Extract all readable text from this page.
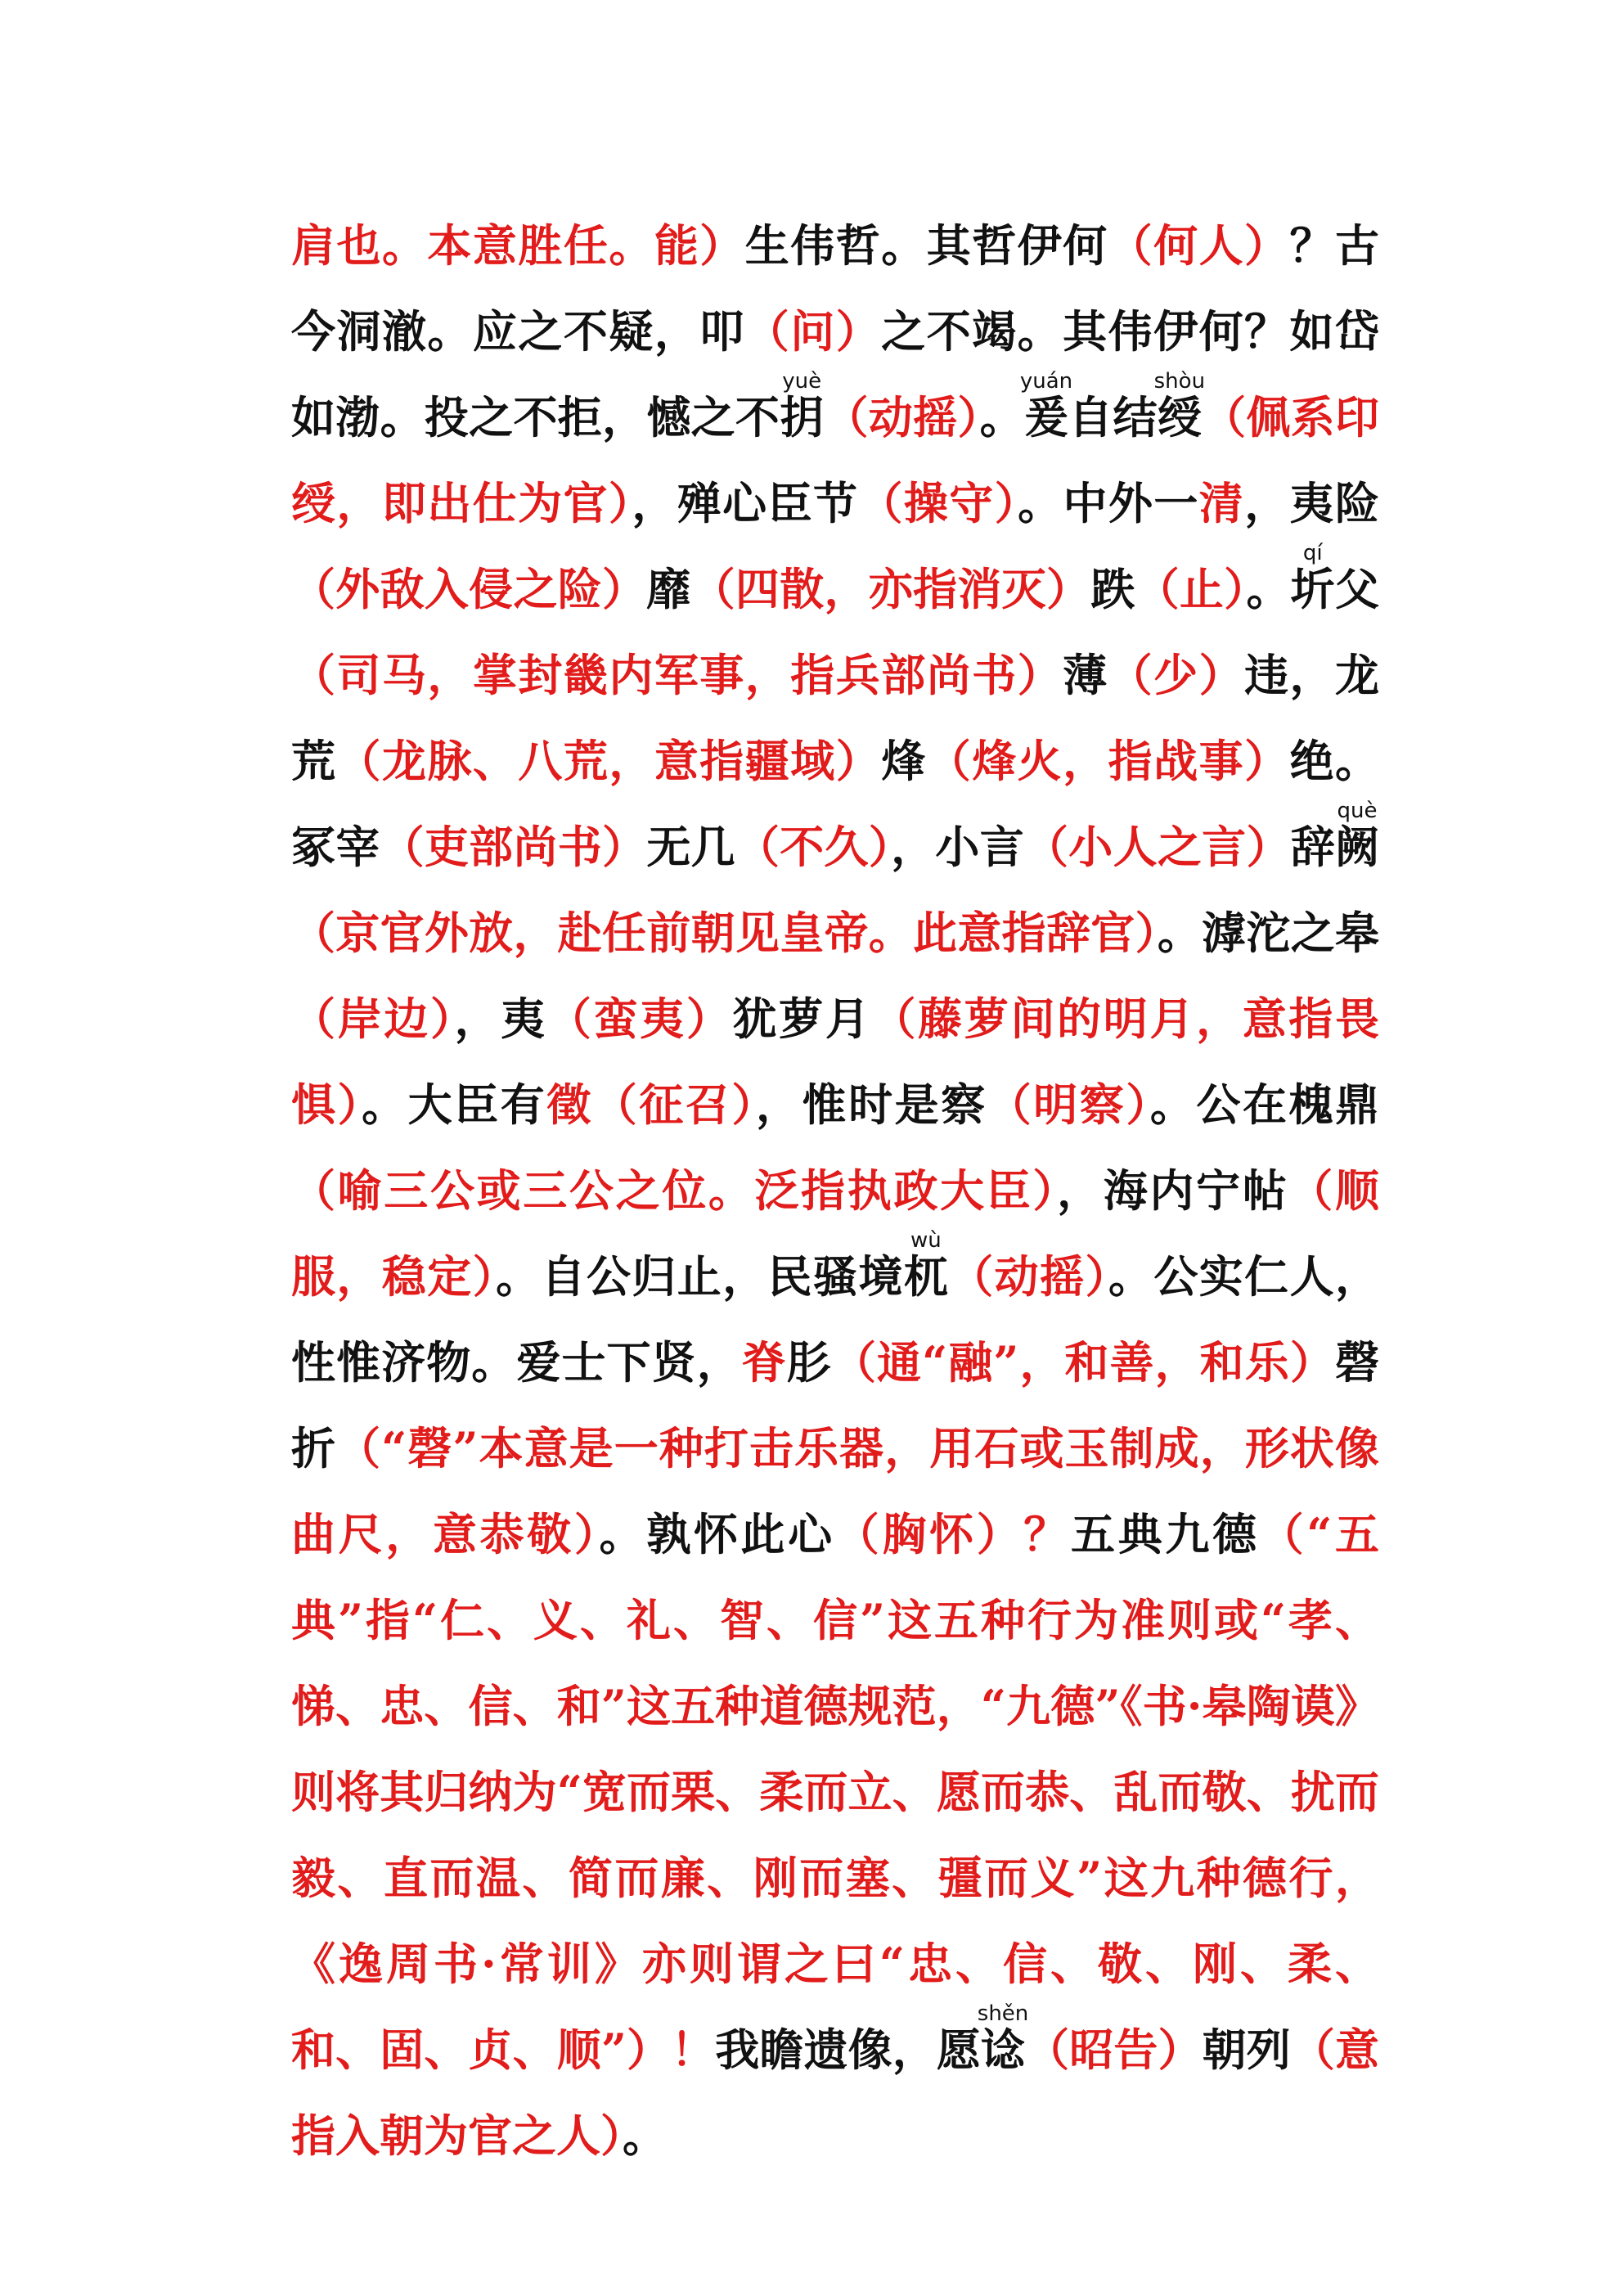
肩也。本意胜任。能）生伟哲。其哲伊何（何人）？古今洞澈。应之不疑，叩（问）之不竭。其伟伊何？如岱如渤。投之不拒，憾之不抈yuè（动摇）。爰yuán自结绶shòu（佩系印绶，即出仕为官），殚心臣节（操守）。中外一清，夷险（外敌入侵之险）靡（四散，亦指消灭）跌（止）。圻qí父（司马，掌封畿内军事，指兵部尚书）薄（少）违，龙荒（龙脉、八荒，意指疆域）烽（烽火，指战事）绝。冢宰（吏部尚书）无几（不久），小言（小人之言）辞阙què（京官外放，赴任前朝见皇帝。此意指辞官）。滹沱之皋（岸边），夷（蛮夷）犹萝月（藤萝间的明月，意指畏惧）。大臣有徵（征召），惟时是察（明察）。公在槐鼎（喻三公或三公之位。泛指执政大臣），海内宁帖（顺服，稳定）。自公归止，民骚境杌wù（动摇）。公实仁人，性惟济物。爱士下贤，脊肜（通“融”，和善，和乐）磬折（“磬”本意是一种打击乐器，用石或玉制成，形状像曲尺，意恭敬）。孰怀此心（胸怀）？五典九德（“五典”指“仁、义、礼、智、信”这五种行为准则或“孝、悌、忠、信、和”这五种道德规范，“九德”《书·皋陶谟》则将其归纳为“宽而栗、柔而立、愿而恭、乱而敬、扰而毅、直而温、简而廉、刚而塞、彊而义”这九种德行，《逸周书·常训》亦则谓之曰“忠、信、敬、刚、柔、和、固、贞、顺”）！我瞻遗像，愿谂shěn（昭告）朝列（意指入朝为官之人）。
